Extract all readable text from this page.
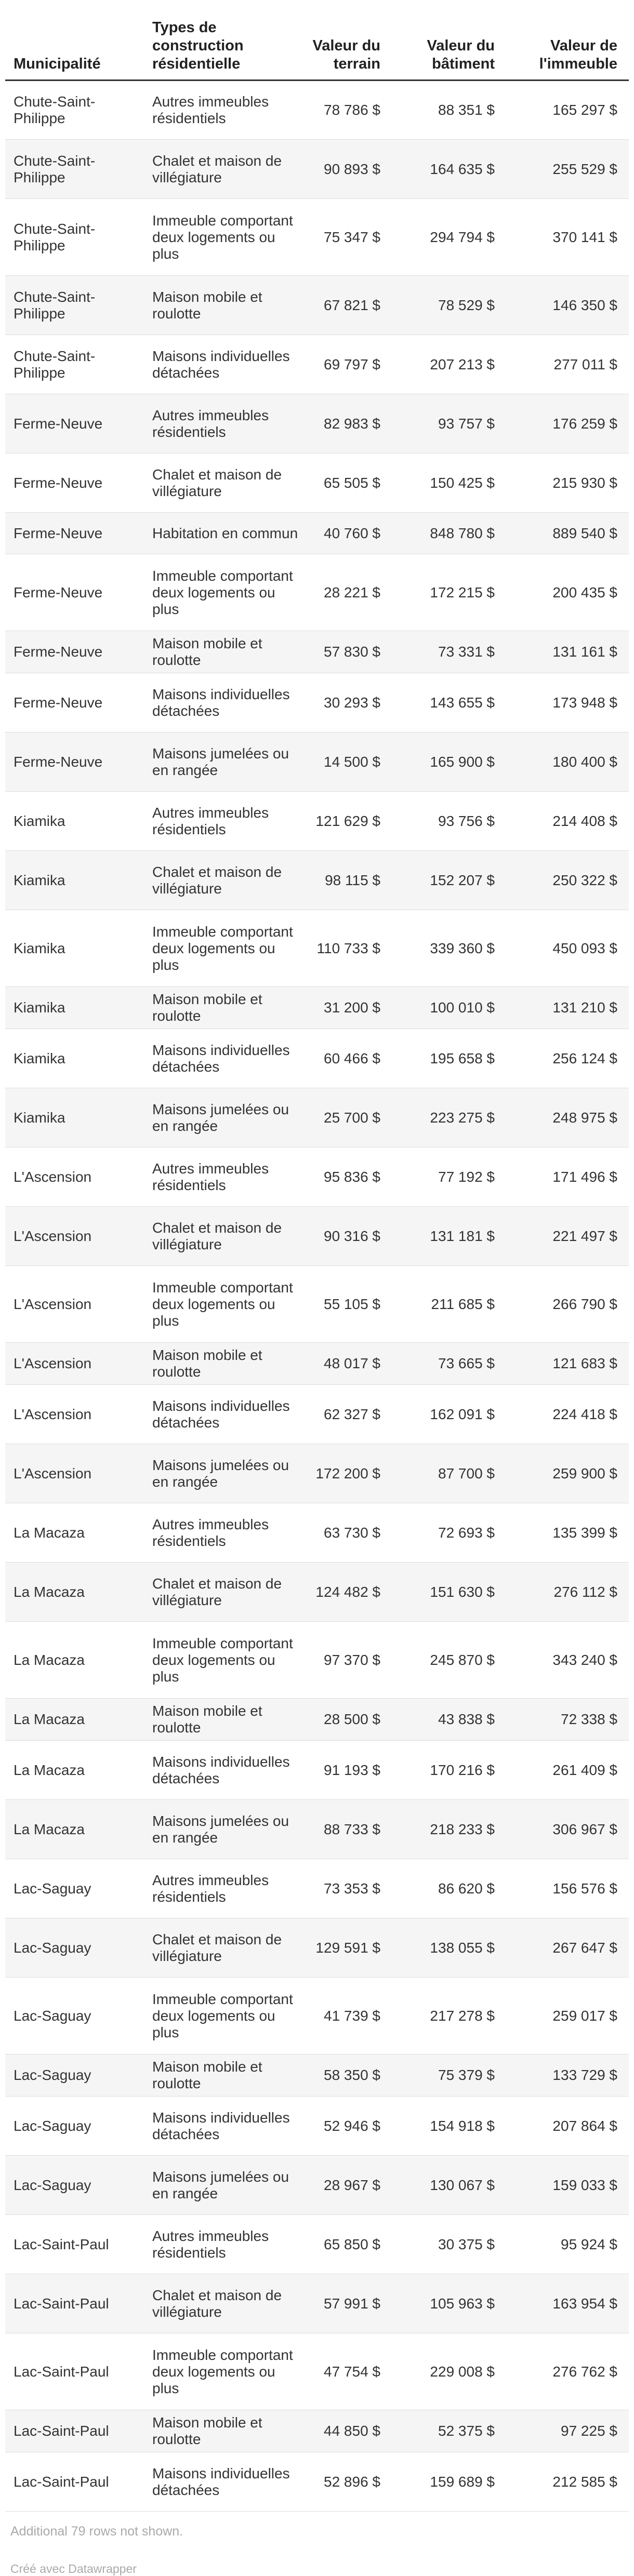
Municipalité	Types de construction résidentielle	Valeur du terrain	Valeur du bâtiment	Valeur de l'immeuble
Chute-Saint-Philippe	Autres immeubles résidentiels	78 786 $	88 351 $	165 297 $
Chute-Saint-Philippe	Chalet et maison de villégiature	90 893 $	164 635 $	255 529 $
Chute-Saint-Philippe	Immeuble comportant deux logements ou plus	75 347 $	294 794 $	370 141 $
Chute-Saint-Philippe	Maison mobile et roulotte	67 821 $	78 529 $	146 350 $
Chute-Saint-Philippe	Maisons individuelles détachées	69 797 $	207 213 $	277 011 $
Ferme-Neuve	Autres immeubles résidentiels	82 983 $	93 757 $	176 259 $
Ferme-Neuve	Chalet et maison de villégiature	65 505 $	150 425 $	215 930 $
Ferme-Neuve	Habitation en commun	40 760 $	848 780 $	889 540 $
Ferme-Neuve	Immeuble comportant deux logements ou plus	28 221 $	172 215 $	200 435 $
Ferme-Neuve	Maison mobile et roulotte	57 830 $	73 331 $	131 161 $
Ferme-Neuve	Maisons individuelles détachées	30 293 $	143 655 $	173 948 $
Ferme-Neuve	Maisons jumelées ou en rangée	14 500 $	165 900 $	180 400 $
Kiamika	Autres immeubles résidentiels	121 629 $	93 756 $	214 408 $
Kiamika	Chalet et maison de villégiature	98 115 $	152 207 $	250 322 $
Kiamika	Immeuble comportant deux logements ou plus	110 733 $	339 360 $	450 093 $
Kiamika	Maison mobile et roulotte	31 200 $	100 010 $	131 210 $
Kiamika	Maisons individuelles détachées	60 466 $	195 658 $	256 124 $
Kiamika	Maisons jumelées ou en rangée	25 700 $	223 275 $	248 975 $
L'Ascension	Autres immeubles résidentiels	95 836 $	77 192 $	171 496 $
L'Ascension	Chalet et maison de villégiature	90 316 $	131 181 $	221 497 $
L'Ascension	Immeuble comportant deux logements ou plus	55 105 $	211 685 $	266 790 $
L'Ascension	Maison mobile et roulotte	48 017 $	73 665 $	121 683 $
L'Ascension	Maisons individuelles détachées	62 327 $	162 091 $	224 418 $
L'Ascension	Maisons jumelées ou en rangée	172 200 $	87 700 $	259 900 $
La Macaza	Autres immeubles résidentiels	63 730 $	72 693 $	135 399 $
La Macaza	Chalet et maison de villégiature	124 482 $	151 630 $	276 112 $
La Macaza	Immeuble comportant deux logements ou plus	97 370 $	245 870 $	343 240 $
La Macaza	Maison mobile et roulotte	28 500 $	43 838 $	72 338 $
La Macaza	Maisons individuelles détachées	91 193 $	170 216 $	261 409 $
La Macaza	Maisons jumelées ou en rangée	88 733 $	218 233 $	306 967 $
Lac-Saguay	Autres immeubles résidentiels	73 353 $	86 620 $	156 576 $
Lac-Saguay	Chalet et maison de villégiature	129 591 $	138 055 $	267 647 $
Lac-Saguay	Immeuble comportant deux logements ou plus	41 739 $	217 278 $	259 017 $
Lac-Saguay	Maison mobile et roulotte	58 350 $	75 379 $	133 729 $
Lac-Saguay	Maisons individuelles détachées	52 946 $	154 918 $	207 864 $
Lac-Saguay	Maisons jumelées ou en rangée	28 967 $	130 067 $	159 033 $
Lac-Saint-Paul	Autres immeubles résidentiels	65 850 $	30 375 $	95 924 $
Lac-Saint-Paul	Chalet et maison de villégiature	57 991 $	105 963 $	163 954 $
Lac-Saint-Paul	Immeuble comportant deux logements ou plus	47 754 $	229 008 $	276 762 $
Lac-Saint-Paul	Maison mobile et roulotte	44 850 $	52 375 $	97 225 $
Lac-Saint-Paul	Maisons individuelles détachées	52 896 $	159 689 $	212 585 $
Additional 79 rows not shown.
Créé avec Datawrapper
